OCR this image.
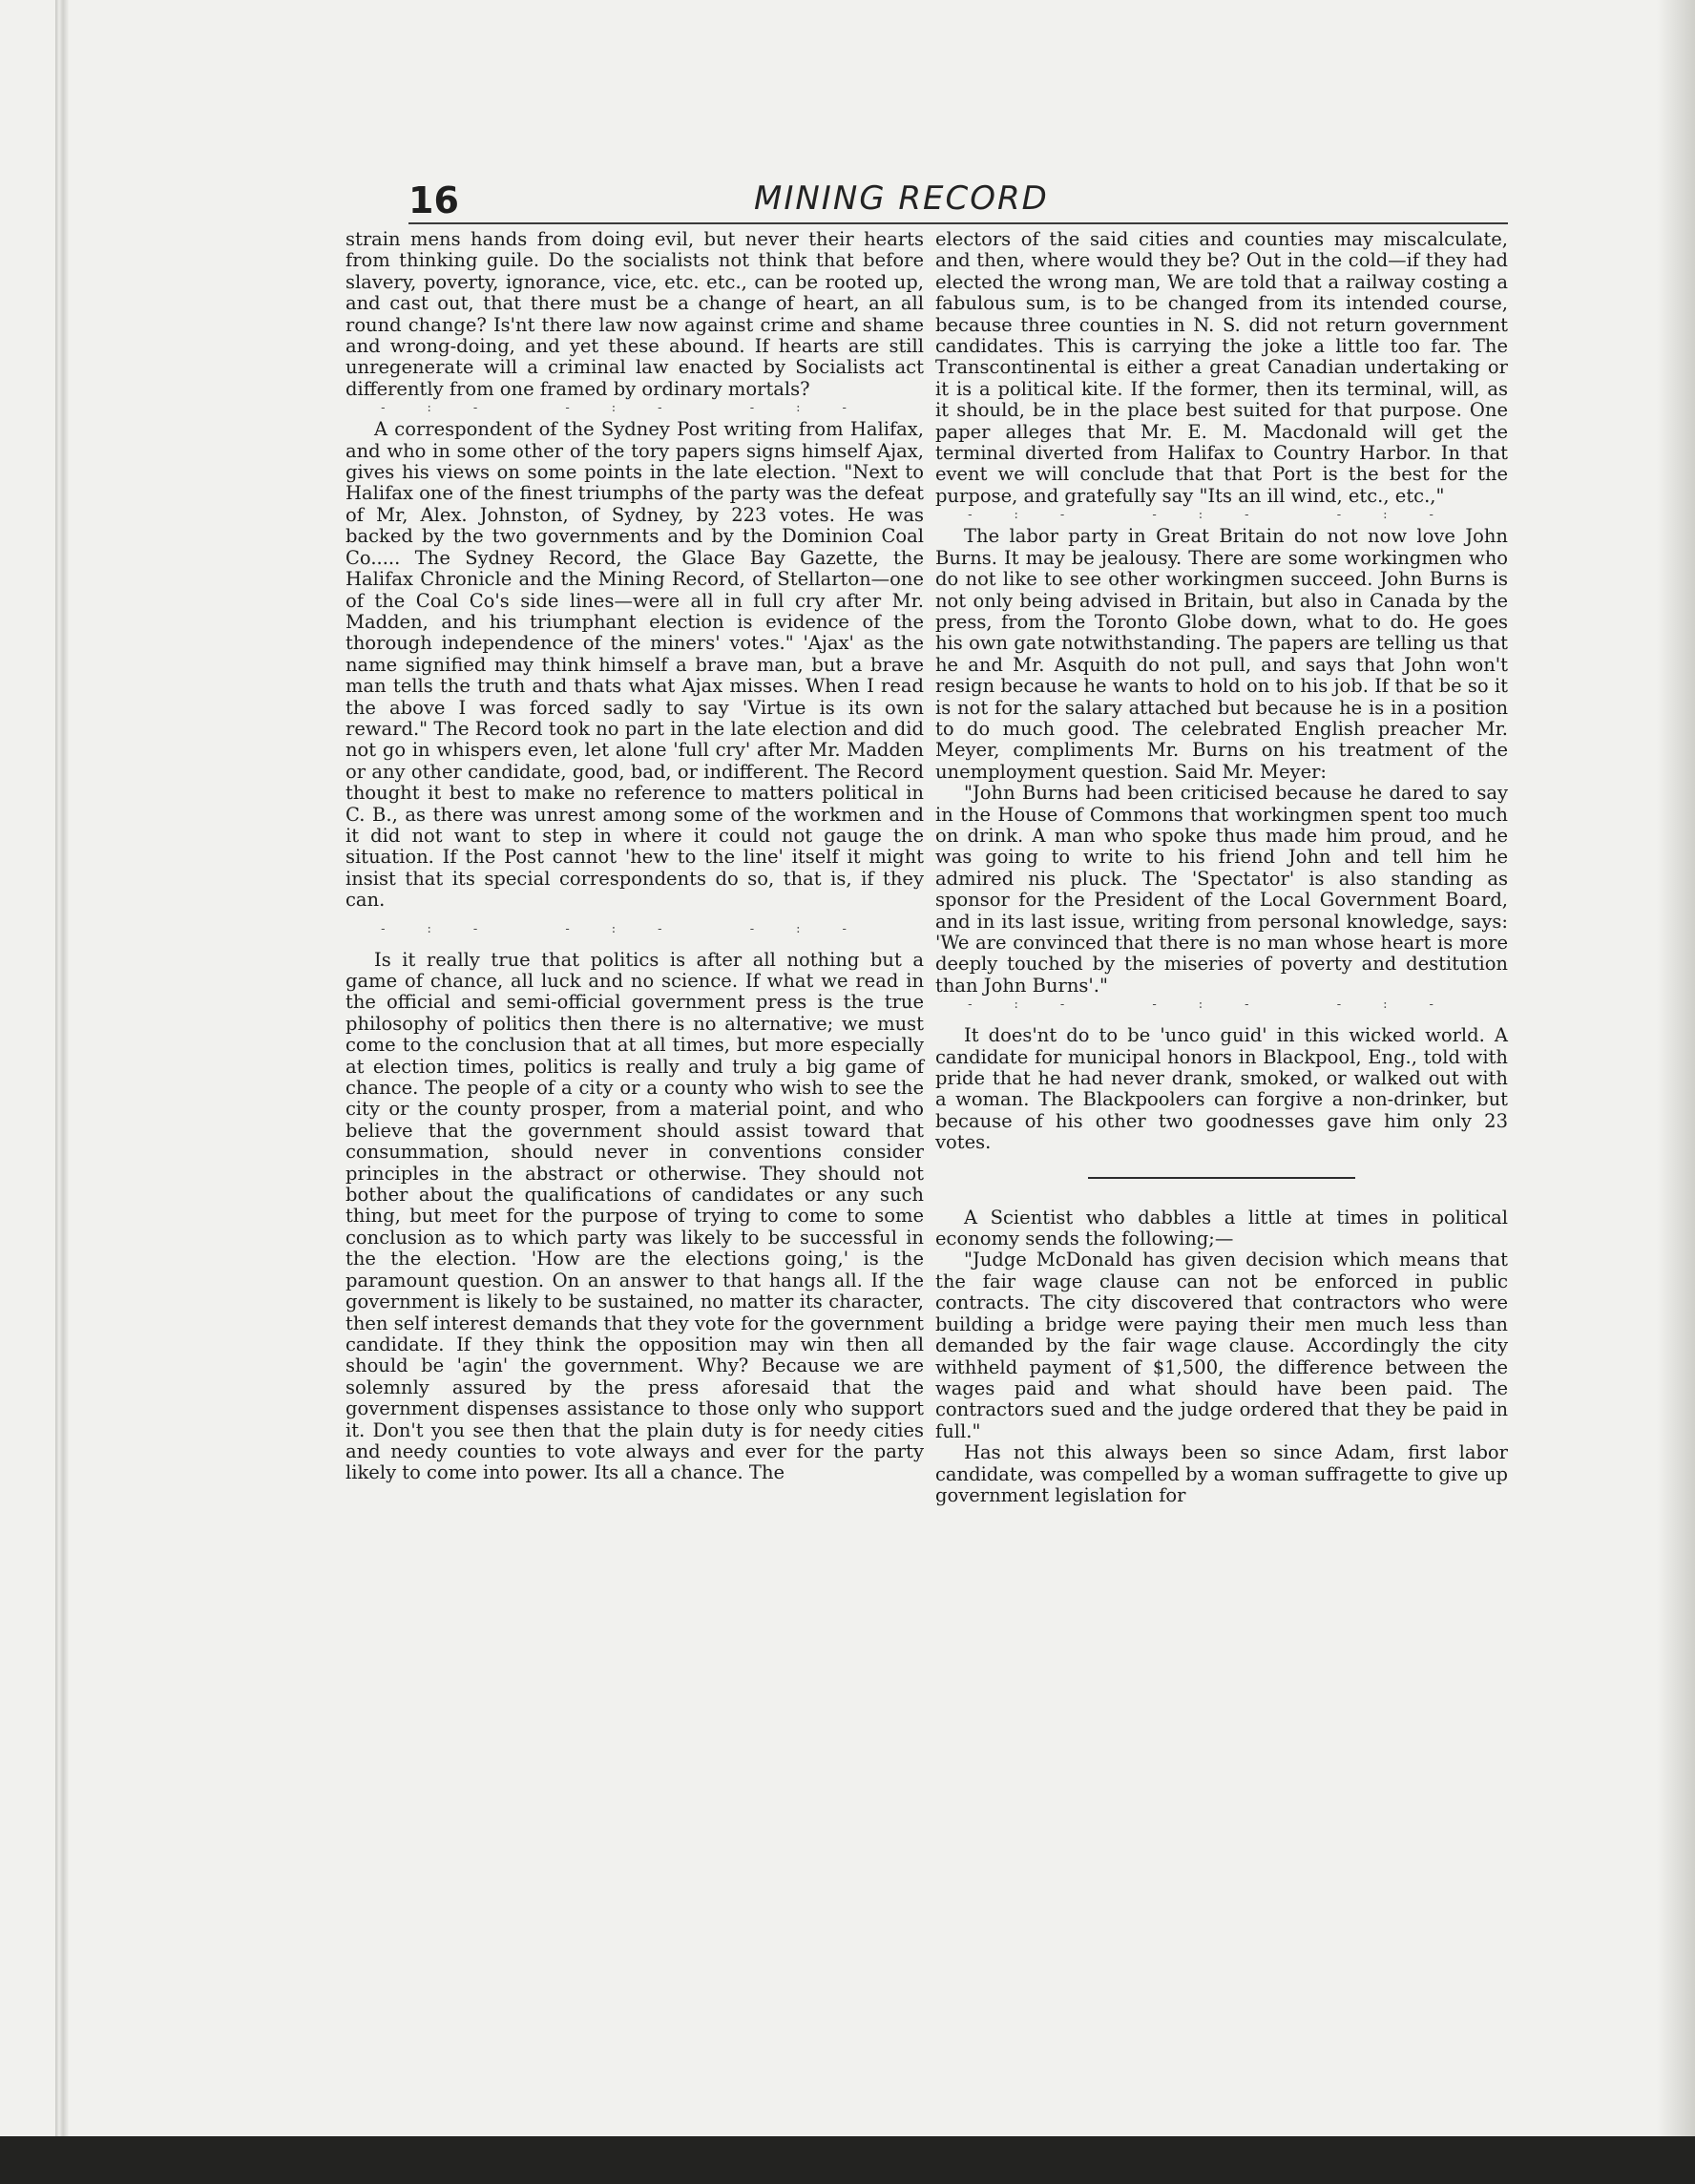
16	MINING RECORD

strain mens hands from doing evil, but never their hearts from thinking guile. Do the socialists not think that before slavery, poverty, ignorance, vice, etc. etc., can be rooted up, and cast out, that there must be a change of heart, an all round change? Is'nt there law now against crime and shame and wrong-doing, and yet these abound. If hearts are still unregenerate will a criminal law enacted by Socialists act differently from one framed by ordinary mortals?

-:- -:- -:-

A correspondent of the Sydney Post writing from Halifax, and who in some other of the tory papers signs himself Ajax, gives his views on some points in the late election. "Next to Halifax one of the finest triumphs of the party was the defeat of Mr, Alex. Johnston, of Sydney, by 223 votes. He was backed by the two governments and by the Dominion Coal Co..... The Sydney Record, the Glace Bay Gazette, the Halifax Chronicle and the Mining Record, of Stellarton—one of the Coal Co's side lines—were all in full cry after Mr. Madden, and his triumphant election is evidence of the thorough independence of the miners' votes." 'Ajax' as the name signified may think himself a brave man, but a brave man tells the truth and thats what Ajax misses. When I read the above I was forced sadly to say 'Virtue is its own reward." The Record took no part in the late election and did not go in whispers even, let alone 'full cry' after Mr. Madden or any other candidate, good, bad, or indifferent. The Record thought it best to make no reference to matters political in C. B., as there was unrest among some of the workmen and it did not want to step in where it could not gauge the situation. If the Post cannot 'hew to the line' itself it might insist that its special correspondents do so, that is, if they can.

-:- -:- -:-

Is it really true that politics is after all nothing but a game of chance, all luck and no science. If what we read in the official and semi-official government press is the true philosophy of politics then there is no alternative; we must come to the conclusion that at all times, but more especially at election times, politics is really and truly a big game of chance. The people of a city or a county who wish to see the city or the county prosper, from a material point, and who believe that the government should assist toward that consummation, should never in conventions consider principles in the abstract or otherwise. They should not bother about the qualifications of candidates or any such thing, but meet for the purpose of trying to come to some conclusion as to which party was likely to be successful in the the election. 'How are the elections going,' is the paramount question. On an answer to that hangs all. If the government is likely to be sustained, no matter its character, then self interest demands that they vote for the government candidate. If they think the opposition may win then all should be 'agin' the government. Why? Because we are solemnly assured by the press aforesaid that the government dispenses assistance to those only who support it. Don't you see then that the plain duty is for needy cities and needy counties to vote always and ever for the party likely to come into power. Its all a chance. The

electors of the said cities and counties may miscalculate, and then, where would they be? Out in the cold—if they had elected the wrong man, We are told that a railway costing a fabulous sum, is to be changed from its intended course, because three counties in N. S. did not return government candidates. This is carrying the joke a little too far. The Transcontinental is either a great Canadian undertaking or it is a political kite. If the former, then its terminal, will, as it should, be in the place best suited for that purpose. One paper alleges that Mr. E. M. Macdonald will get the terminal diverted from Halifax to Country Harbor. In that event we will conclude that that Port is the best for the purpose, and gratefully say "Its an ill wind, etc., etc.,"

-:- -:- -:-

The labor party in Great Britain do not now love John Burns. It may be jealousy. There are some workingmen who do not like to see other workingmen succeed. John Burns is not only being advised in Britain, but also in Canada by the press, from the Toronto Globe down, what to do. He goes his own gate notwithstanding. The papers are telling us that he and Mr. Asquith do not pull, and says that John won't resign because he wants to hold on to his job. If that be so it is not for the salary attached but because he is in a position to do much good. The celebrated English preacher Mr. Meyer, compliments Mr. Burns on his treatment of the unemployment question. Said Mr. Meyer:

"John Burns had been criticised because he dared to say in the House of Commons that workingmen spent too much on drink. A man who spoke thus made him proud, and he was going to write to his friend John and tell him he admired nis pluck. The 'Spectator' is also standing as sponsor for the President of the Local Government Board, and in its last issue, writing from personal knowledge, says: 'We are convinced that there is no man whose heart is more deeply touched by the miseries of poverty and destitution than John Burns'."

-:- -:- -:-

It does'nt do to be 'unco guid' in this wicked world. A candidate for municipal honors in Blackpool, Eng., told with pride that he had never drank, smoked, or walked out with a woman. The Blackpoolers can forgive a non-drinker, but because of his other two goodnesses gave him only 23 votes.

A Scientist who dabbles a little at times in political economy sends the following;—

"Judge McDonald has given decision which means that the fair wage clause can not be enforced in public contracts. The city discovered that contractors who were building a bridge were paying their men much less than demanded by the fair wage clause. Accordingly the city withheld payment of $1,500, the difference between the wages paid and what should have been paid. The contractors sued and the judge ordered that they be paid in full."

Has not this always been so since Adam, first labor candidate, was compelled by a woman suffragette to give up government legislation for
